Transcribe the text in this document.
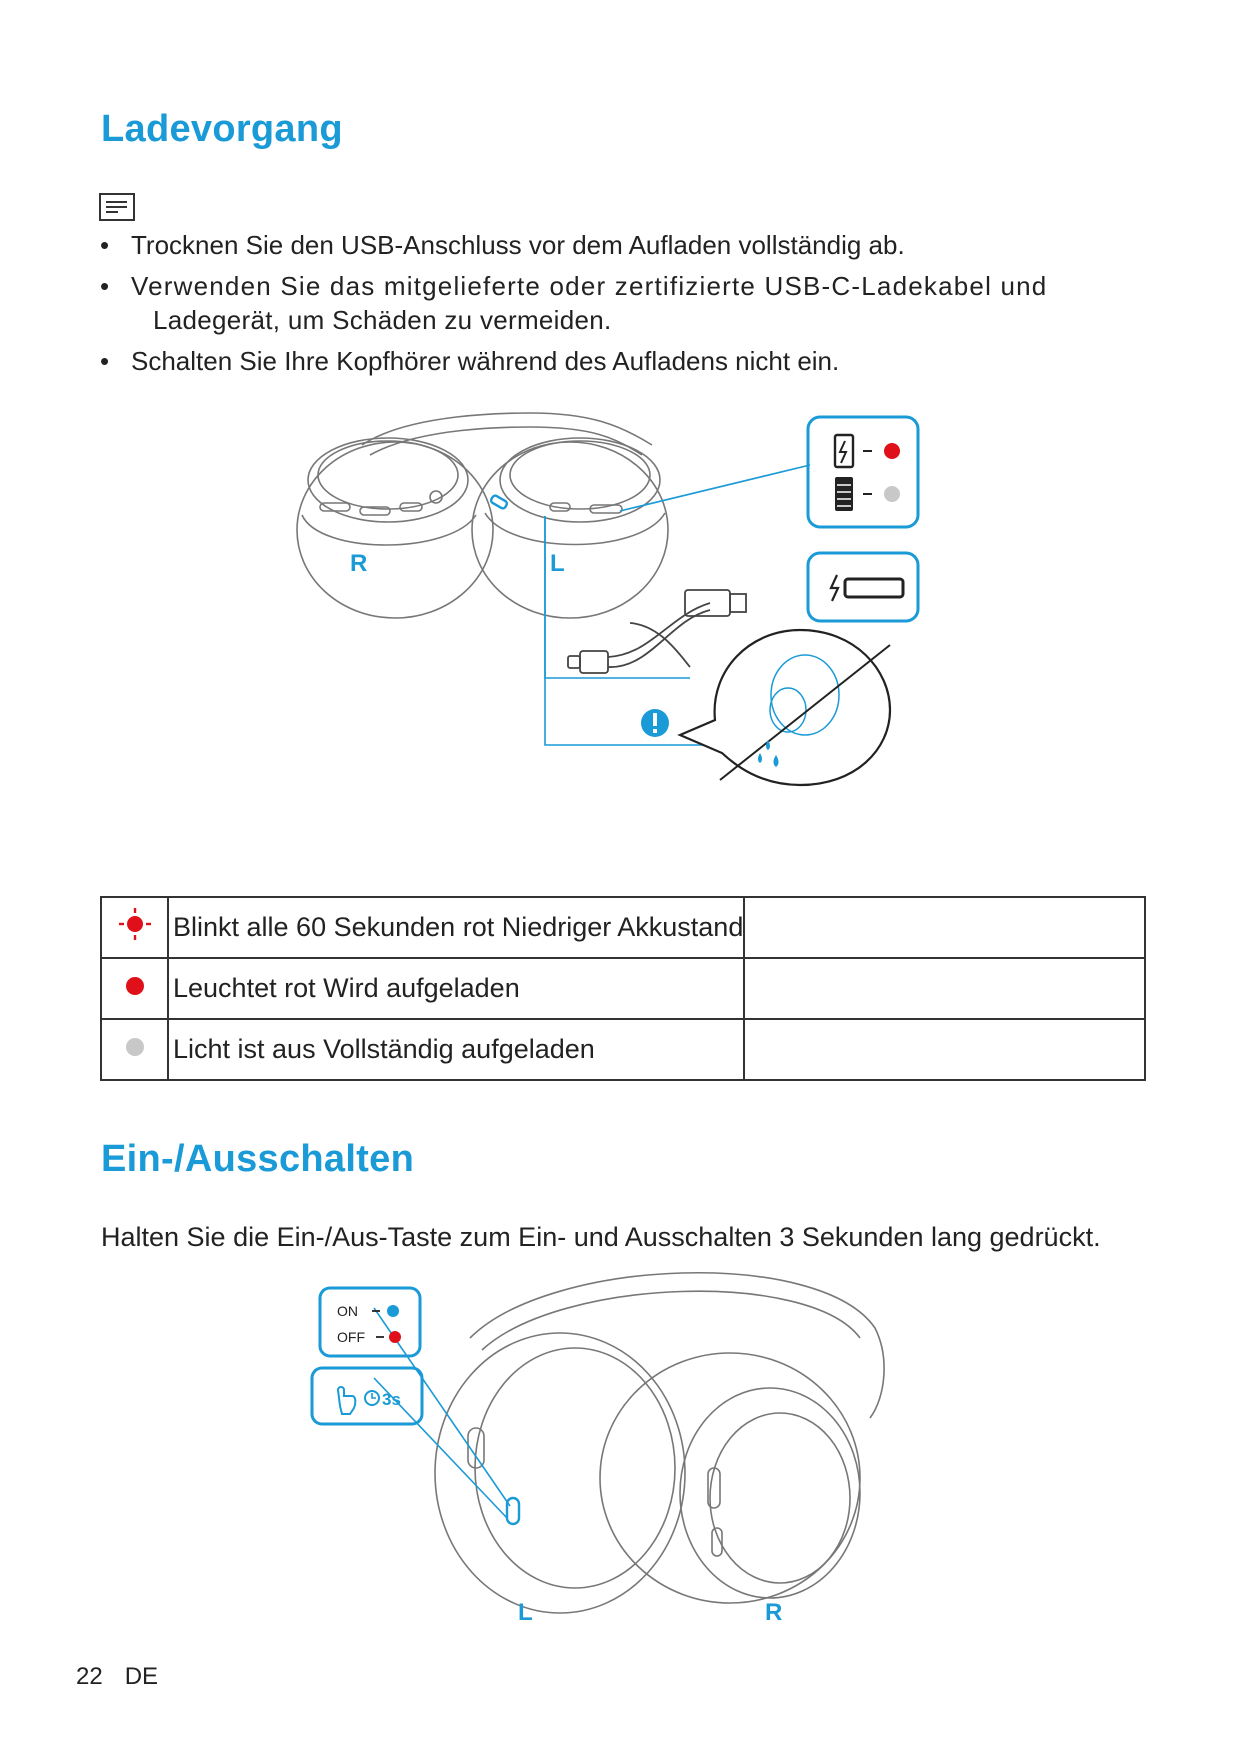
Ladevorgang
• Trocknen Sie den USB-Anschluss vor dem Aufladen vollständig ab.
• Verwenden Sie das mitgelieferte oder zertifizierte USB-C-Ladekabel und
Ladegerät, um Schäden zu vermeiden.
• Schalten Sie Ihre Kopfhörer während des Aufladens nicht ein.
R	L
	Blinkt alle 60 Sekunden rot Niedriger Akkustand	
	Leuchtet rot Wird aufgeladen	
	Licht ist aus Vollständig aufgeladen	
Ein-/Ausschalten
Halten Sie die Ein-/Aus-Taste zum Ein- und Ausschalten 3 Sekunden lang gedrückt.
ON
OFF
3s
L	R
22 DE
